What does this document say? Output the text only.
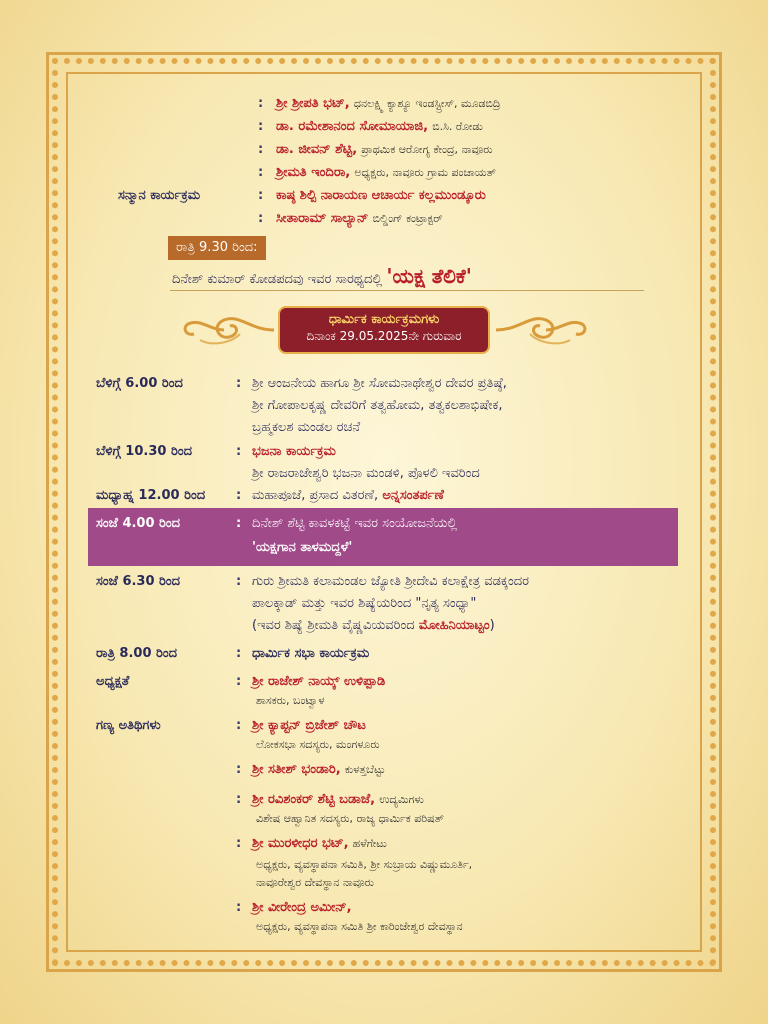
: ಶ್ರೀ ಶ್ರೀಪತಿ ಭಟ್, ಧನಲಕ್ಷ್ಮಿ ಕ್ಯಾಶ್ಯೂ ಇಂಡಸ್ಟ್ರೀಸ್, ಮೂಡಬಿದ್ರಿ
: ಡಾ. ರಮೇಶಾನಂದ ಸೋಮಾಯಾಜಿ, ಬಿ.ಸಿ. ರೋಡು
: ಡಾ. ಜೀವನ್ ಶೆಟ್ಟಿ, ಪ್ರಾಥಮಿಕ ಆರೋಗ್ಯ ಕೇಂದ್ರ, ನಾವೂರು
: ಶ್ರೀಮತಿ ಇಂದಿರಾ, ಅಧ್ಯಕ್ಷರು, ನಾವೂರು ಗ್ರಾಮ ಪಂಚಾಯತ್
ಸನ್ಮಾನ ಕಾರ್ಯಕ್ರಮ	: ಕಾಷ್ಠ ಶಿಲ್ಪಿ ನಾರಾಯಣ ಆಚಾರ್ಯ ಕಲ್ಲಮುಂಡ್ಕೂರು
: ಸೀತಾರಾಮ್ ಸಾಲ್ಯಾನ್ ಬಿಲ್ಡಿಂಗ್ ಕಂಟ್ರಾಕ್ಟರ್
ರಾತ್ರಿ 9.30 ರಿಂದ:
ದಿನೇಶ್ ಕುಮಾರ್ ಕೋಡಪದವು ಇವರ ಸಾರಥ್ಯದಲ್ಲಿ 'ಯಕ್ಷ ತೆಲಿಕೆ'
ಧಾರ್ಮಿಕ ಕಾರ್ಯಕ್ರಮಗಳು
ದಿನಾಂಕ 29.05.2025ನೇ ಗುರುವಾರ
ಬೆಳಿಗ್ಗೆ 6.00 ರಿಂದ	: ಶ್ರೀ ಆಂಜನೇಯ ಹಾಗೂ ಶ್ರೀ ಸೋಮನಾಥೇಶ್ವರ ದೇವರ ಪ್ರತಿಷ್ಠೆ,
ಶ್ರೀ ಗೋಪಾಲಕೃಷ್ಣ ದೇವರಿಗೆ ತತ್ವಹೋಮ, ತತ್ವಕಲಶಾಭಿಷೇಕ,
ಬ್ರಹ್ಮಕಲಶ ಮಂಡಲ ರಚನೆ
ಬೆಳಿಗ್ಗೆ 10.30 ರಿಂದ	: ಭಜನಾ ಕಾರ್ಯಕ್ರಮ
ಶ್ರೀ ರಾಜರಾಜೇಶ್ವರಿ ಭಜನಾ ಮಂಡಳಿ, ಪೊಳಲಿ ಇವರಿಂದ
ಮಧ್ಯಾಹ್ನ 12.00 ರಿಂದ : ಮಹಾಪೂಜೆ, ಪ್ರಸಾದ ವಿತರಣೆ, ಅನ್ನಸಂತರ್ಪಣೆ
ಸಂಜೆ 4.00 ರಿಂದ	: ದಿನೇಶ್ ಶೆಟ್ಟಿ ಕಾವಳಕಟ್ಟೆ ಇವರ ಸಂಯೋಜನೆಯಲ್ಲಿ
'ಯಕ್ಷಗಾನ ತಾಳಮದ್ದಳೆ'
ಸಂಜೆ 6.30 ರಿಂದ	: ಗುರು ಶ್ರೀಮತಿ ಕಲಾಮಂಡಲ ಜ್ಯೋತಿ ಶ್ರೀದೇವಿ ಕಲಾಕ್ಷೇತ್ರ ವಡಕ್ಕಂದರ
ಪಾಲಕ್ಕಾಡ್ ಮತ್ತು ಇವರ ಶಿಷ್ಯೆಯರಿಂದ "ನೃತ್ಯ ಸಂಧ್ಯಾ"
(ಇವರ ಶಿಷ್ಯೆ ಶ್ರೀಮತಿ ವೈಷ್ಣವಿಯವರಿಂದ ಮೋಹಿನಿಯಾಟ್ಟಂ)
ರಾತ್ರಿ 8.00 ರಿಂದ	: ಧಾರ್ಮಿಕ ಸಭಾ ಕಾರ್ಯಕ್ರಮ
ಅಧ್ಯಕ್ಷತೆ	: ಶ್ರೀ ರಾಜೇಶ್ ನಾಯ್ಕ್ ಉಳಿಪ್ಪಾಡಿ
ಶಾಸಕರು, ಬಂಟ್ವಾಳ
ಗಣ್ಯ ಅತಿಥಿಗಳು	: ಶ್ರೀ ಕ್ಯಾಪ್ಟನ್ ಬ್ರಿಜೇಶ್ ಚೌಟ
ಲೋಕಸಭಾ ಸದಸ್ಯರು, ಮಂಗಳೂರು
: ಶ್ರೀ ಸತೀಶ್ ಭಂಡಾರಿ, ಕುಳತ್ತಬೆಟ್ಟು
: ಶ್ರೀ ರವಿಶಂಕರ್ ಶೆಟ್ಟಿ ಬಡಾಜೆ, ಉದ್ಯಮಿಗಳು
ವಿಶೇಷ ಆಹ್ವಾನಿತ ಸದಸ್ಯರು, ರಾಜ್ಯ ಧಾರ್ಮಿಕ ಪರಿಷತ್
: ಶ್ರೀ ಮುರಳೀಧರ ಭಟ್, ಹಳೆಗೇಟು
ಅಧ್ಯಕ್ಷರು, ವ್ಯವಸ್ಥಾಪನಾ ಸಮಿತಿ, ಶ್ರೀ ಸುಬ್ರಾಯ ವಿಷ್ಣುಮೂರ್ತಿ,
ನಾವೂರೇಶ್ವರ ದೇವಸ್ಥಾನ ನಾವೂರು
: ಶ್ರೀ ವೀರೇಂದ್ರ ಅಮೀನ್,
ಅಧ್ಯಕ್ಷರು, ವ್ಯವಸ್ಥಾಪನಾ ಸಮಿತಿ ಶ್ರೀ ಕಾರಿಂಜೇಶ್ವರ ದೇವಸ್ಥಾನ
